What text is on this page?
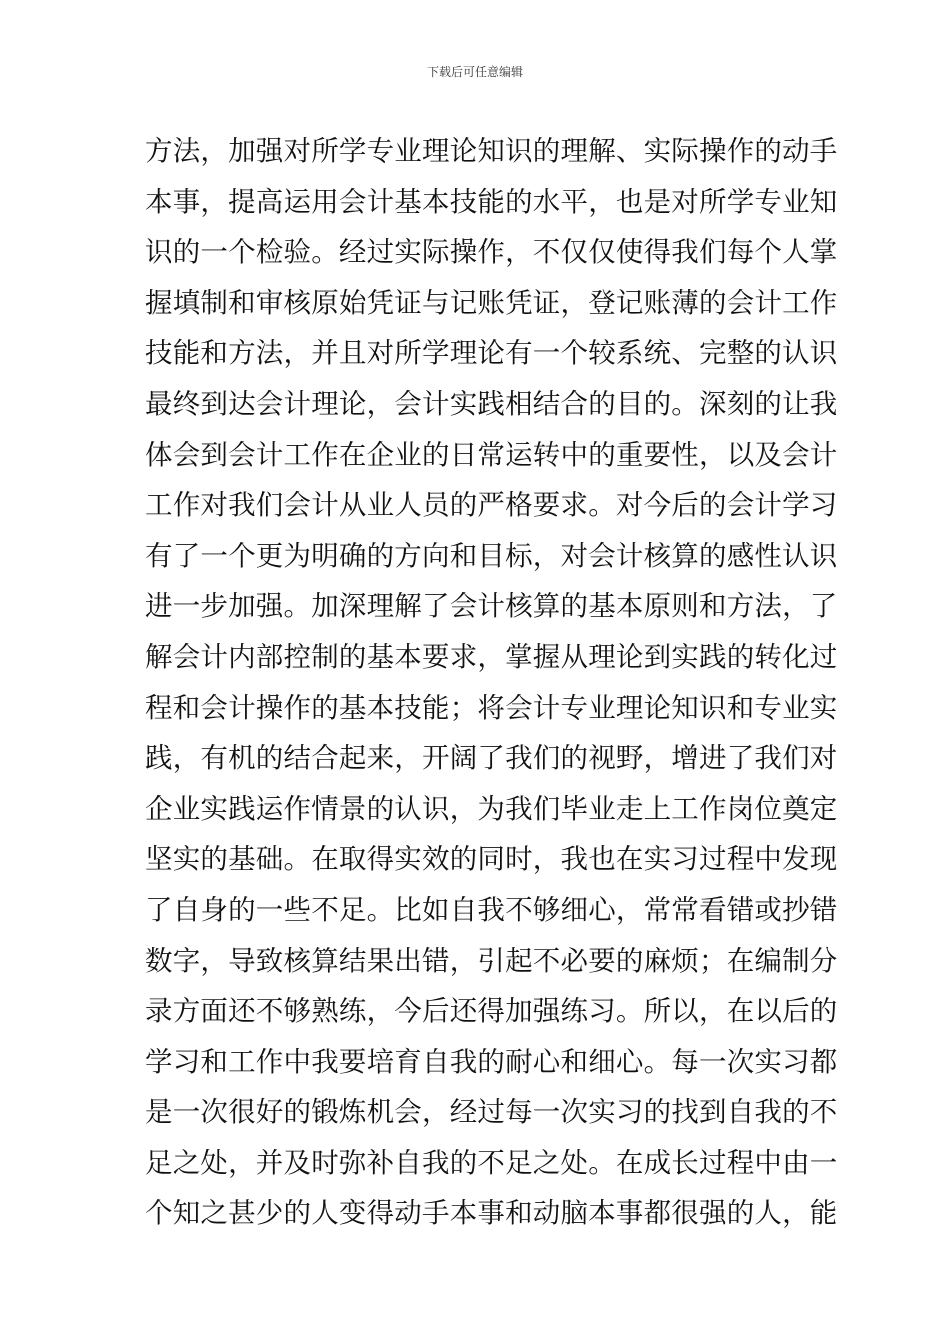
下载后可任意编辑
方法，加强对所学专业理论知识的理解、实际操作的动手
本事，提高运用会计基本技能的水平，也是对所学专业知
识的一个检验。经过实际操作，不仅仅使得我们每个人掌
握填制和审核原始凭证与记账凭证，登记账薄的会计工作
技能和方法，并且对所学理论有一个较系统、完整的认识
最终到达会计理论，会计实践相结合的目的。深刻的让我
体会到会计工作在企业的日常运转中的重要性，以及会计
工作对我们会计从业人员的严格要求。对今后的会计学习
有了一个更为明确的方向和目标，对会计核算的感性认识
进一步加强。加深理解了会计核算的基本原则和方法，了
解会计内部控制的基本要求，掌握从理论到实践的转化过
程和会计操作的基本技能；将会计专业理论知识和专业实
践，有机的结合起来，开阔了我们的视野，增进了我们对
企业实践运作情景的认识，为我们毕业走上工作岗位奠定
坚实的基础。在取得实效的同时，我也在实习过程中发现
了自身的一些不足。比如自我不够细心，常常看错或抄错
数字，导致核算结果出错，引起不必要的麻烦；在编制分
录方面还不够熟练，今后还得加强练习。所以，在以后的
学习和工作中我要培育自我的耐心和细心。每一次实习都
是一次很好的锻炼机会，经过每一次实习的找到自我的不
足之处，并及时弥补自我的不足之处。在成长过程中由一
个知之甚少的人变得动手本事和动脑本事都很强的人，能
